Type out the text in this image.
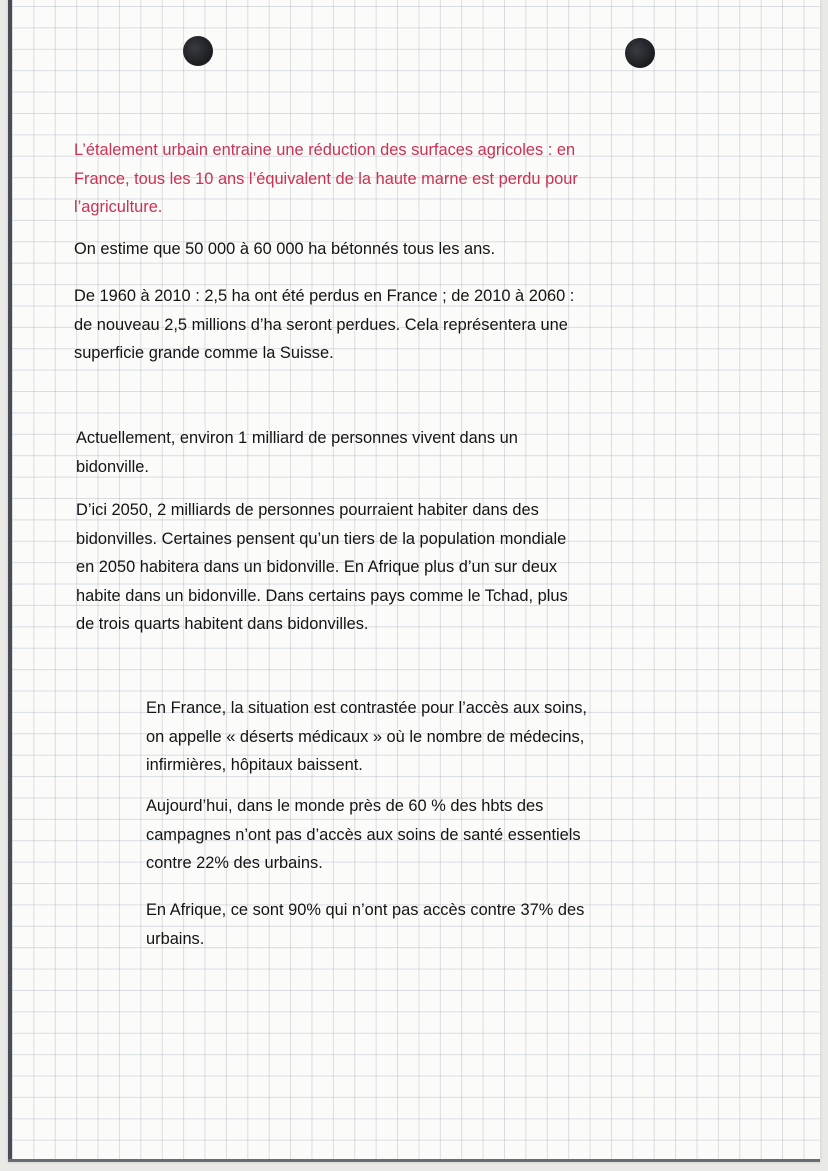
L’étalement urbain entraine une réduction des surfaces agricoles : en
France, tous les 10 ans l’équivalent de la haute marne est perdu pour
l’agriculture.

On estime que 50 000 à 60 000 ha bétonnés tous les ans.

De 1960 à 2010 : 2,5 ha ont été perdus en France ; de 2010 à 2060 :
de nouveau 2,5 millions d’ha seront perdues. Cela représentera une
superficie grande comme la Suisse.

Actuellement, environ 1 milliard de personnes vivent dans un
bidonville.

D’ici 2050, 2 milliards de personnes pourraient habiter dans des
bidonvilles. Certaines pensent qu’un tiers de la population mondiale
en 2050 habitera dans un bidonville. En Afrique plus d’un sur deux
habite dans un bidonville. Dans certains pays comme le Tchad, plus
de trois quarts habitent dans bidonvilles.

En France, la situation est contrastée pour l’accès aux soins,
on appelle « déserts médicaux » où le nombre de médecins,
infirmières, hôpitaux baissent.

Aujourd’hui, dans le monde près de 60 % des hbts des
campagnes n’ont pas d’accès aux soins de santé essentiels
contre 22% des urbains.

En Afrique, ce sont 90% qui n’ont pas accès contre 37% des
urbains.
